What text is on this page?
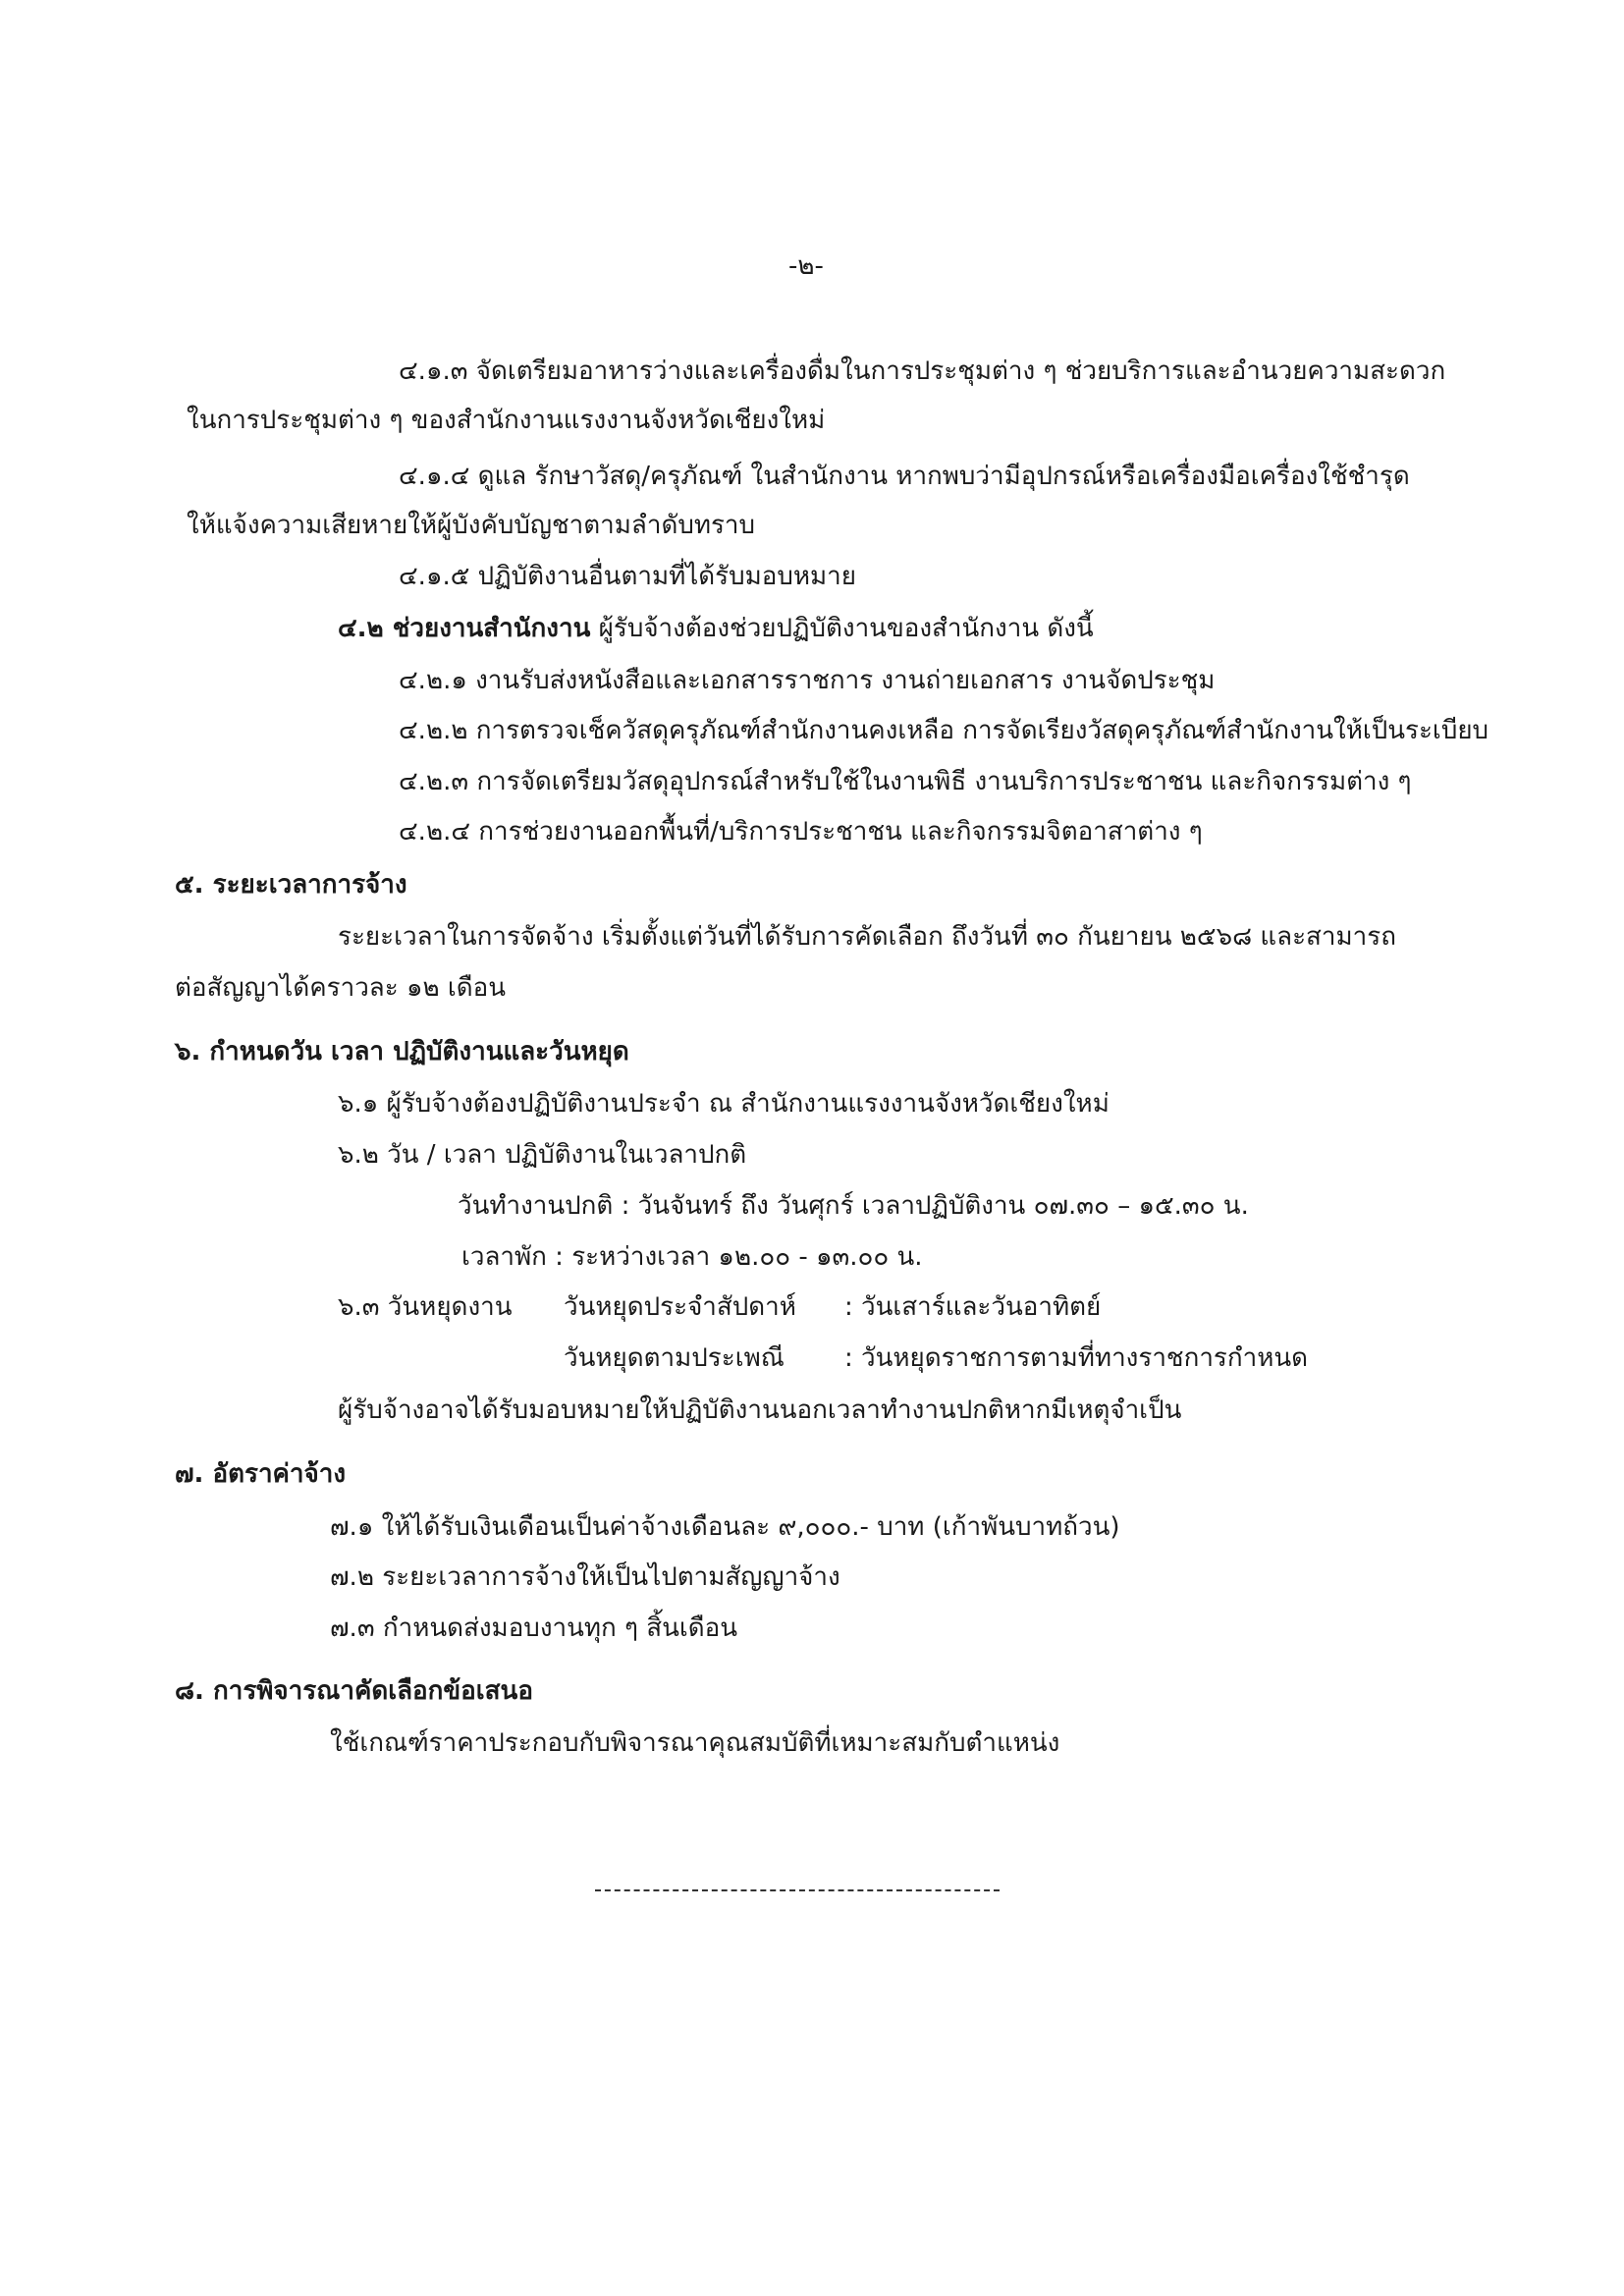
-๒-
๔.๑.๓ จัดเตรียมอาหารว่างและเครื่องดื่มในการประชุมต่าง ๆ ช่วยบริการและอำนวยความสะดวก
ในการประชุมต่าง ๆ ของสำนักงานแรงงานจังหวัดเชียงใหม่
๔.๑.๔ ดูแล รักษาวัสดุ/ครุภัณฑ์ ในสำนักงาน หากพบว่ามีอุปกรณ์หรือเครื่องมือเครื่องใช้ชำรุด
ให้แจ้งความเสียหายให้ผู้บังคับบัญชาตามลำดับทราบ
๔.๑.๕ ปฏิบัติงานอื่นตามที่ได้รับมอบหมาย
๔.๒ ช่วยงานสำนักงาน ผู้รับจ้างต้องช่วยปฏิบัติงานของสำนักงาน ดังนี้
๔.๒.๑ งานรับส่งหนังสือและเอกสารราชการ งานถ่ายเอกสาร งานจัดประชุม
๔.๒.๒ การตรวจเช็ควัสดุครุภัณฑ์สำนักงานคงเหลือ การจัดเรียงวัสดุครุภัณฑ์สำนักงานให้เป็นระเบียบ
๔.๒.๓ การจัดเตรียมวัสดุอุปกรณ์สำหรับใช้ในงานพิธี งานบริการประชาชน และกิจกรรมต่าง ๆ
๔.๒.๔ การช่วยงานออกพื้นที่/บริการประชาชน และกิจกรรมจิตอาสาต่าง ๆ
๕. ระยะเวลาการจ้าง
ระยะเวลาในการจัดจ้าง เริ่มตั้งแต่วันที่ได้รับการคัดเลือก ถึงวันที่ ๓๐ กันยายน ๒๕๖๘ และสามารถ
ต่อสัญญาได้คราวละ ๑๒ เดือน
๖. กำหนดวัน เวลา ปฏิบัติงานและวันหยุด
๖.๑ ผู้รับจ้างต้องปฏิบัติงานประจำ ณ สำนักงานแรงงานจังหวัดเชียงใหม่
๖.๒ วัน / เวลา ปฏิบัติงานในเวลาปกติ
วันทำงานปกติ : วันจันทร์ ถึง วันศุกร์ เวลาปฏิบัติงาน ๐๗.๓๐ – ๑๕.๓๐ น.
เวลาพัก : ระหว่างเวลา ๑๒.๐๐ - ๑๓.๐๐ น.
๖.๓ วันหยุดงาน วันหยุดประจำสัปดาห์ : วันเสาร์และวันอาทิตย์
วันหยุดตามประเพณี : วันหยุดราชการตามที่ทางราชการกำหนด
ผู้รับจ้างอาจได้รับมอบหมายให้ปฏิบัติงานนอกเวลาทำงานปกติหากมีเหตุจำเป็น
๗. อัตราค่าจ้าง
๗.๑ ให้ได้รับเงินเดือนเป็นค่าจ้างเดือนละ ๙,๐๐๐.- บาท (เก้าพันบาทถ้วน)
๗.๒ ระยะเวลาการจ้างให้เป็นไปตามสัญญาจ้าง
๗.๓ กำหนดส่งมอบงานทุก ๆ สิ้นเดือน
๘. การพิจารณาคัดเลือกข้อเสนอ
ใช้เกณฑ์ราคาประกอบกับพิจารณาคุณสมบัติที่เหมาะสมกับตำแหน่ง
